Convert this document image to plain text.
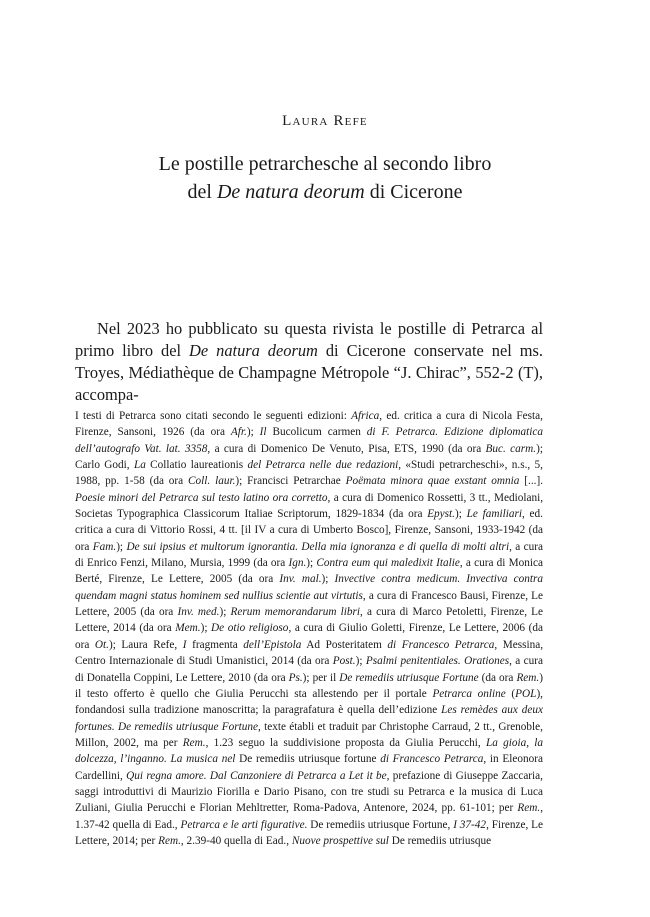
Laura Refe
Le postille petrarchesche al secondo libro
del De natura deorum di Cicerone

Nel 2023 ho pubblicato su questa rivista le postille di Petrarca al primo libro del De natura deorum di Cicerone conservate nel ms. Troyes, Médiathèque de Champagne Métropole “J. Chirac”, 552-2 (T), accompa-

I testi di Petrarca sono citati secondo le seguenti edizioni: Africa, ed. critica a cura di Nicola Festa, Firenze, Sansoni, 1926 (da ora Afr.); Il Bucolicum carmen di F. Petrarca. Edizione diplomatica dell’autografo Vat. lat. 3358, a cura di Domenico De Venuto, Pisa, ETS, 1990 (da ora Buc. carm.); Carlo Godi, La Collatio laureationis del Petrarca nelle due redazioni, «Studi petrarcheschi», n.s., 5, 1988, pp. 1-58 (da ora Coll. laur.); Francisci Petrarchae Poëmata minora quae exstant omnia [...]. Poesie minori del Petrarca sul testo latino ora corretto, a cura di Domenico Rossetti, 3 tt., Mediolani, Societas Typographica Classicorum Italiae Scriptorum, 1829-1834 (da ora Epyst.); Le familiari, ed. critica a cura di Vittorio Rossi, 4 tt. [il IV a cura di Umberto Bosco], Firenze, Sansoni, 1933-1942 (da ora Fam.); De sui ipsius et multorum ignorantia. Della mia ignoranza e di quella di molti altri, a cura di Enrico Fenzi, Milano, Mursia, 1999 (da ora Ign.); Contra eum qui maledixit Italie, a cura di Monica Berté, Firenze, Le Lettere, 2005 (da ora Inv. mal.); Invective contra medicum. Invectiva contra quendam magni status hominem sed nullius scientie aut virtutis, a cura di Francesco Bausi, Firenze, Le Lettere, 2005 (da ora Inv. med.); Rerum memorandarum libri, a cura di Marco Petoletti, Firenze, Le Lettere, 2014 (da ora Mem.); De otio religioso, a cura di Giulio Goletti, Firenze, Le Lettere, 2006 (da ora Ot.); Laura Refe, I fragmenta dell’Epistola Ad Posteritatem di Francesco Petrarca, Messina, Centro Internazionale di Studi Umanistici, 2014 (da ora Post.); Psalmi penitentiales. Orationes, a cura di Donatella Coppini, Le Lettere, 2010 (da ora Ps.); per il De remediis utriusque Fortune (da ora Rem.) il testo offerto è quello che Giulia Perucchi sta allestendo per il portale Petrarca online (POL), fondandosi sulla tradizione manoscritta; la paragrafatura è quella dell’edizione Les remèdes aux deux fortunes. De remediis utriusque Fortune, texte établi et traduit par Christophe Carraud, 2 tt., Grenoble, Millon, 2002, ma per Rem., 1.23 seguo la suddivisione proposta da Giulia Perucchi, La gioia, la dolcezza, l’inganno. La musica nel De remediis utriusque fortune di Francesco Petrarca, in Eleonora Cardellini, Qui regna amore. Dal Canzoniere di Petrarca a Let it be, prefazione di Giuseppe Zaccaria, saggi introduttivi di Maurizio Fiorilla e Dario Pisano, con tre studi su Petrarca e la musica di Luca Zuliani, Giulia Perucchi e Florian Mehltretter, Roma-Padova, Antenore, 2024, pp. 61-101; per Rem., 1.37-42 quella di Ead., Petrarca e le arti figurative. De remediis utriusque Fortune, I 37-42, Firenze, Le Lettere, 2014; per Rem., 2.39-40 quella di Ead., Nuove prospettive sul De remediis utriusque
